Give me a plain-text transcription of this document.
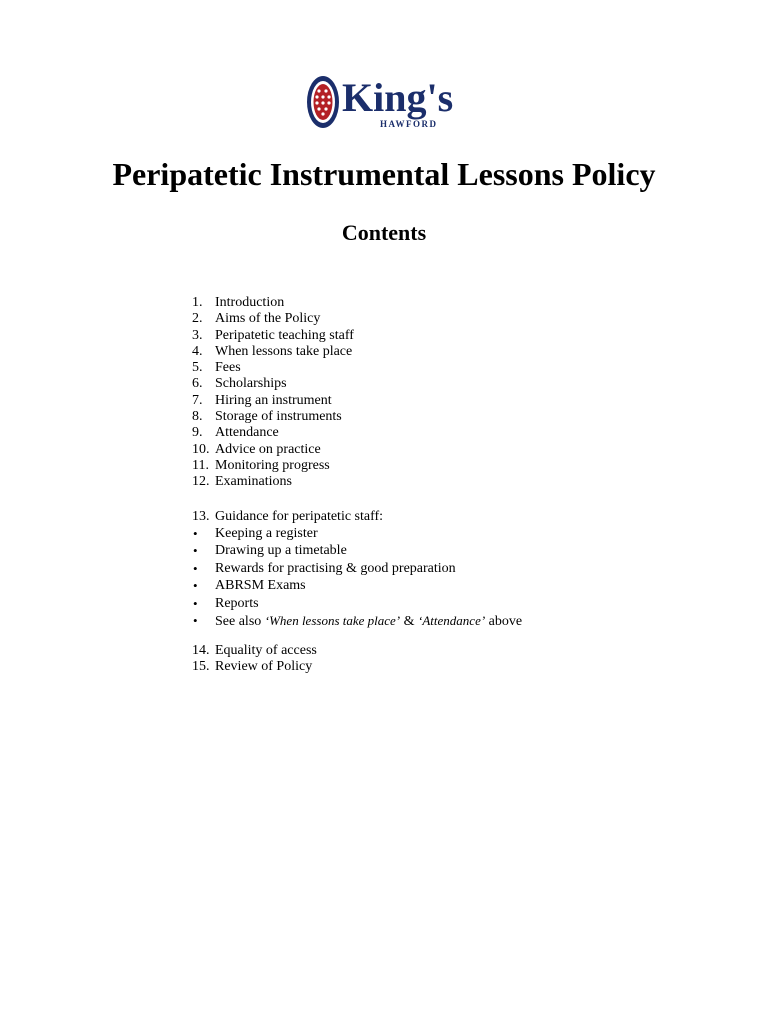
King's
HAWFORD
Peripatetic Instrumental Lessons Policy
Contents
1. Introduction
2. Aims of the Policy
3. Peripatetic teaching staff
4. When lessons take place
5. Fees
6. Scholarships
7. Hiring an instrument
8. Storage of instruments
9. Attendance
10. Advice on practice
11. Monitoring progress
12. Examinations
13. Guidance for peripatetic staff:
• Keeping a register
• Drawing up a timetable
• Rewards for practising & good preparation
• ABRSM Exams
• Reports
• See also ‘When lessons take place’ & ‘Attendance’ above
14. Equality of access
15. Review of Policy
